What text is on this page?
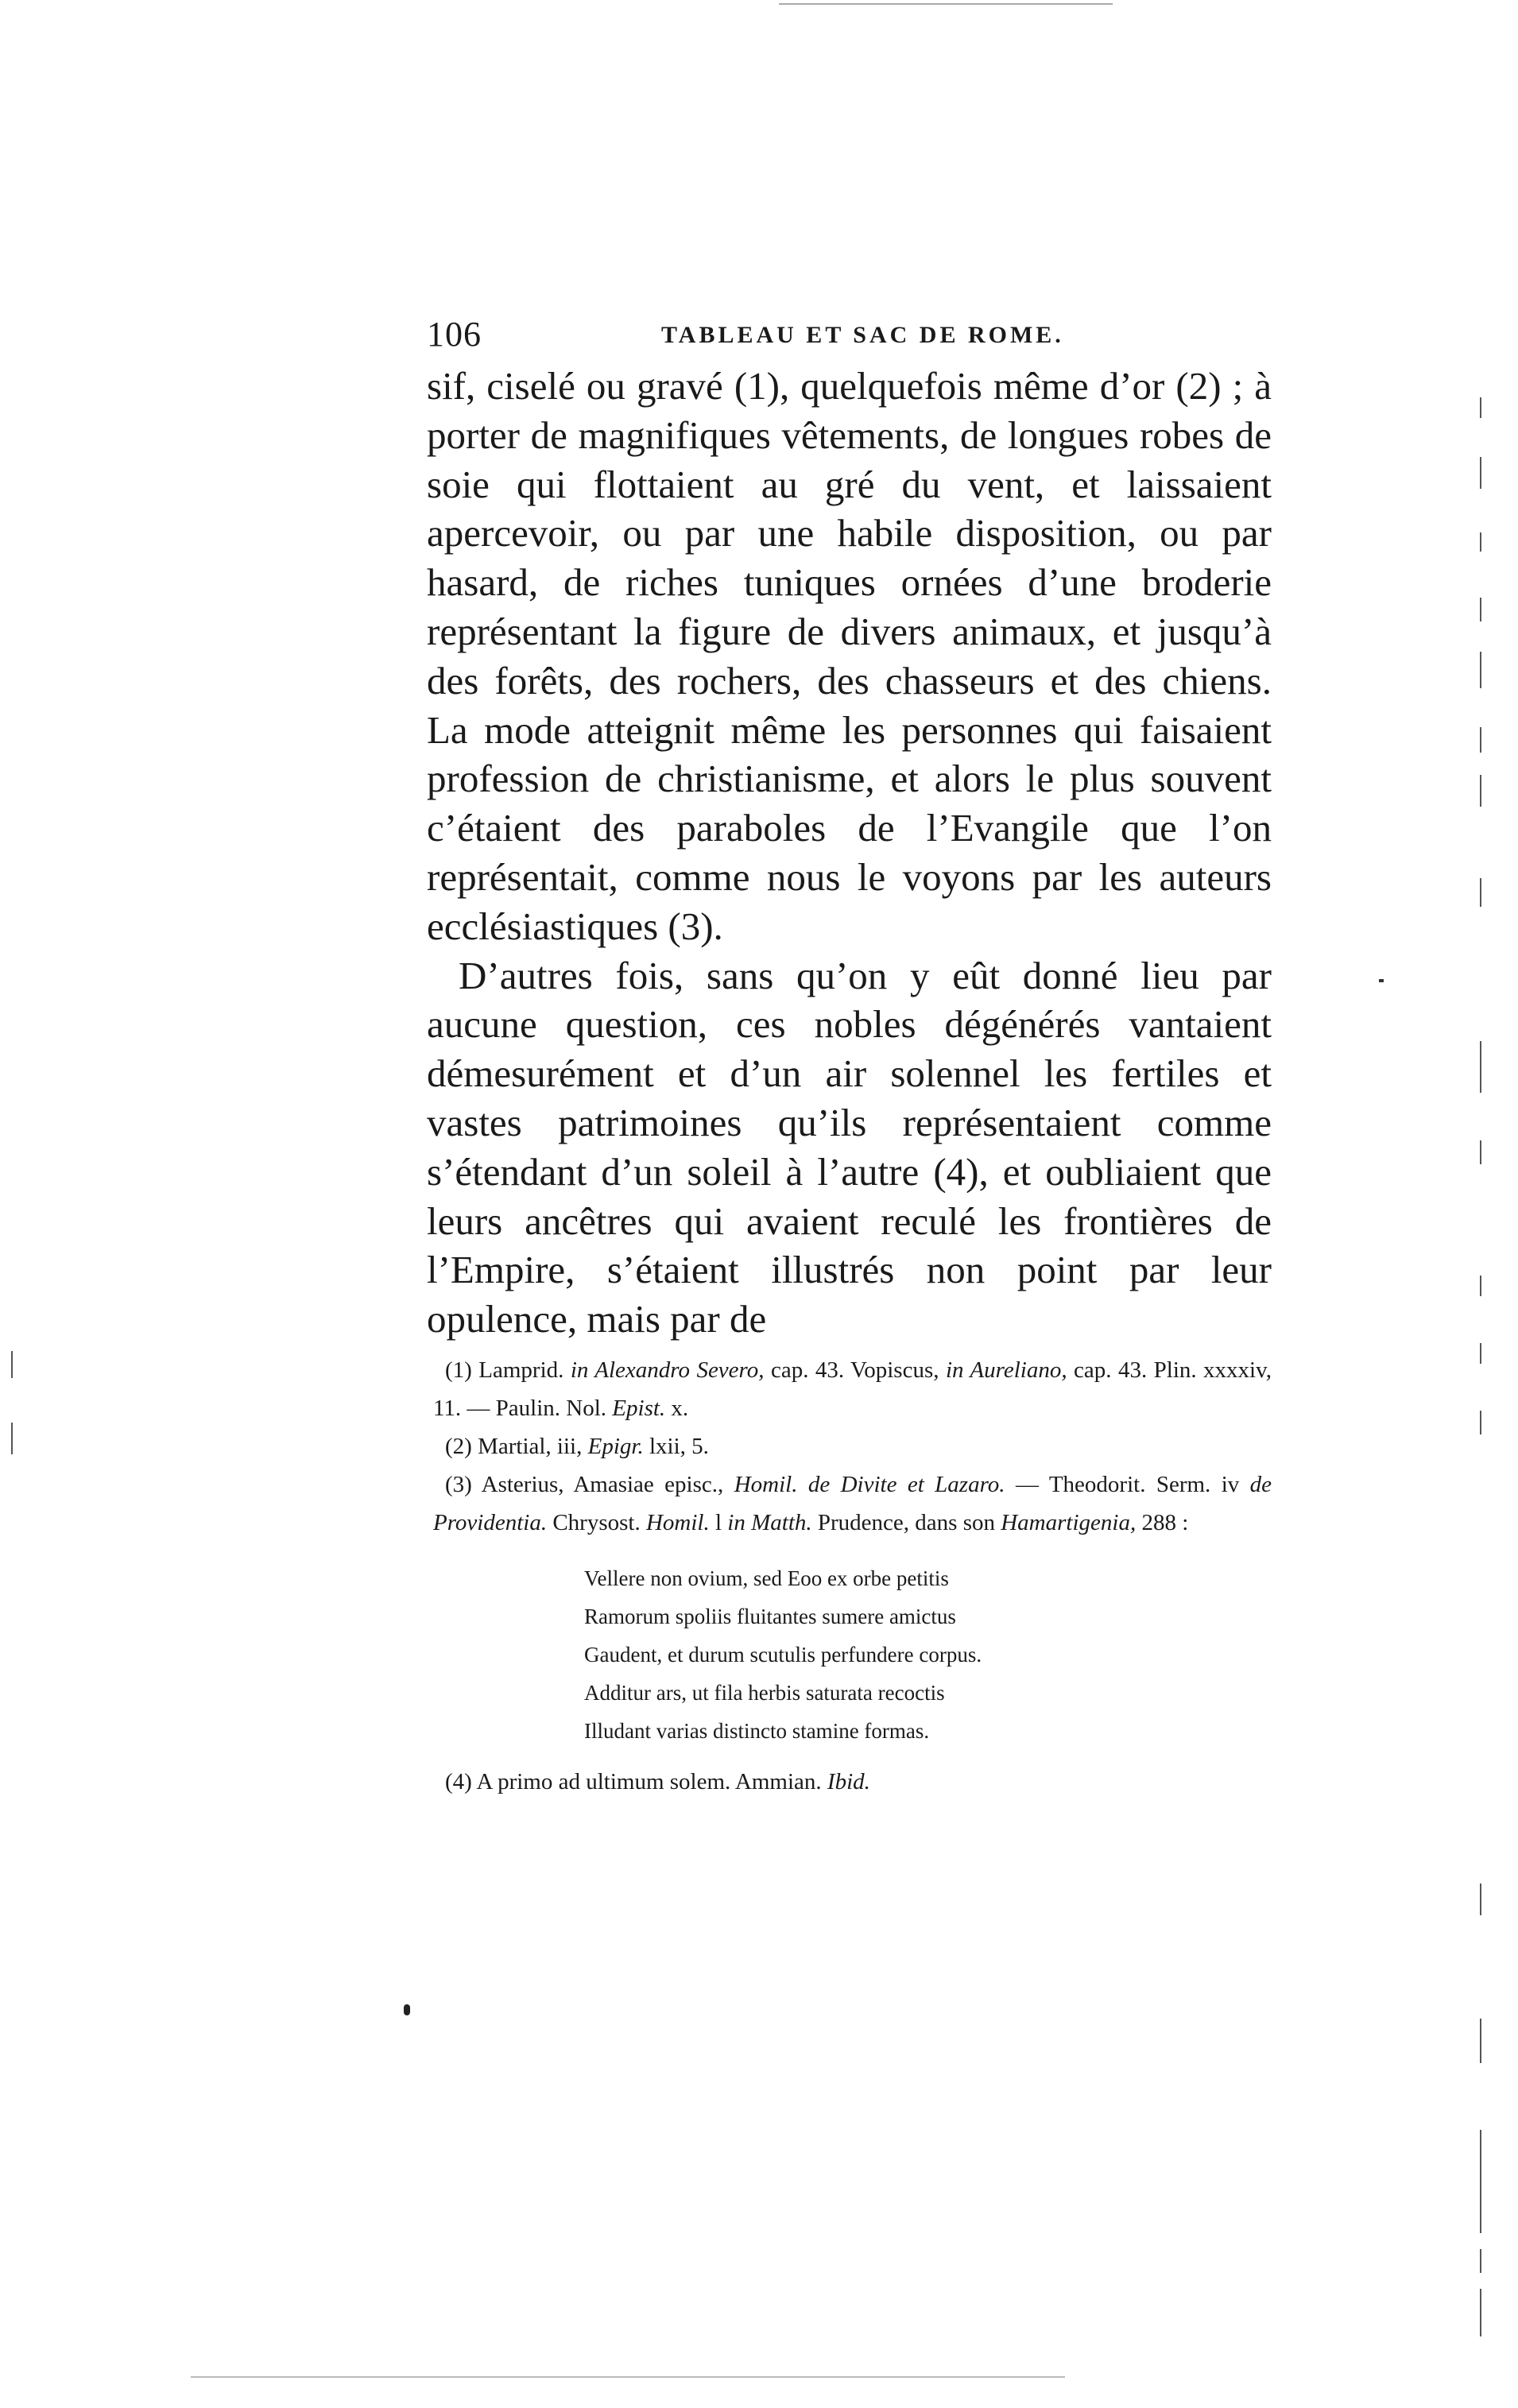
106	TABLEAU ET SAC DE ROME.

sif, ciselé ou gravé (1), quelquefois même d’or (2) ; à porter de magnifiques vêtements, de longues robes de soie qui flottaient au gré du vent, et laissaient apercevoir, ou par une habile disposition, ou par hasard, de riches tuniques ornées d’une broderie représentant la figure de divers animaux, et jusqu’à des forêts, des rochers, des chasseurs et des chiens. La mode atteignit même les personnes qui faisaient profession de christianisme, et alors le plus souvent c’étaient des paraboles de l’Evangile que l’on représentait, comme nous le voyons par les auteurs ecclésiastiques (3).

D’autres fois, sans qu’on y eût donné lieu par aucune question, ces nobles dégénérés vantaient démesurément et d’un air solennel les fertiles et vastes patrimoines qu’ils représentaient comme s’étendant d’un soleil à l’autre (4), et oubliaient que leurs ancêtres qui avaient reculé les frontières de l’Empire, s’étaient illustrés non point par leur opulence, mais par de

(1) Lamprid. in Alexandro Severo, cap. 43. Vopiscus, in Aureliano, cap. 43. Plin. xxxxiv, 11. — Paulin. Nol. Epist. x.

(2) Martial, iii, Epigr. lxii, 5.

(3) Asterius, Amasiae episc., Homil. de Divite et Lazaro. — Theodorit. Serm. iv de Providentia. Chrysost. Homil. l in Matth. Prudence, dans son Hamartigenia, 288 :

Vellere non ovium, sed Eoo ex orbe petitis
Ramorum spoliis fluitantes sumere amictus
Gaudent, et durum scutulis perfundere corpus.
Additur ars, ut fila herbis saturata recoctis
Illudant varias distincto stamine formas.

(4) A primo ad ultimum solem. Ammian. Ibid.
